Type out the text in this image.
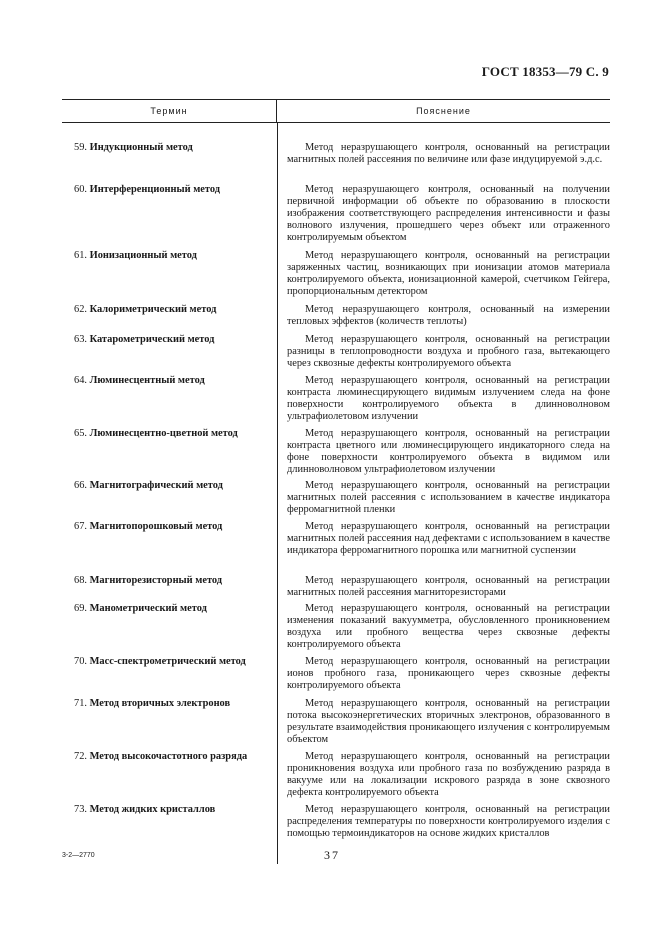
ГОСТ 18353—79 С. 9
Термин	Пояснение
59. Индукционный метод	Метод неразрушающего контроля, основанный на регистрации магнитных полей рассеяния по величине или фазе индуцируемой э.д.с.
60. Интерференционный метод	Метод неразрушающего контроля, основанный на получении первичной информации об объекте по образованию в плоскости изображения соответствующего распределения интенсивности и фазы волнового излучения, прошедшего через объект или отраженного контролируемым объектом
61. Ионизационный метод	Метод неразрушающего контроля, основанный на регистрации заряженных частиц, возникающих при ионизации атомов материала контролируемого объекта, ионизационной камерой, счетчиком Гейгера, пропорциональным детектором
62. Калориметрический метод	Метод неразрушающего контроля, основанный на измерении тепловых эффектов (количеств теплоты)
63. Катарометрический метод	Метод неразрушающего контроля, основанный на регистрации разницы в теплопроводности воздуха и пробного газа, вытекающего через сквозные дефекты контролируемого объекта
64. Люминесцентный метод	Метод неразрушающего контроля, основанный на регистрации контраста люминесцирующего видимым излучением следа на фоне поверхности контролируемого объекта в длинноволновом ультрафиолетовом излучении
65. Люминесцентно-цветной метод	Метод неразрушающего контроля, основанный на регистрации контраста цветного или люминесцирующего индикаторного следа на фоне поверхности контролируемого объекта в видимом или длинноволновом ультрафиолетовом излучении
66. Магнитографический метод	Метод неразрушающего контроля, основанный на регистрации магнитных полей рассеяния с использованием в качестве индикатора ферромагнитной пленки
67. Магнитопорошковый метод	Метод неразрушающего контроля, основанный на регистрации магнитных полей рассеяния над дефектами с использованием в качестве индикатора ферромагнитного порошка или магнитной суспензии
68. Магниторезисторный метод	Метод неразрушающего контроля, основанный на регистрации магнитных полей рассеяния магниторезисторами
69. Манометрический метод	Метод неразрушающего контроля, основанный на регистрации изменения показаний вакуумметра, обусловленного проникновением воздуха или пробного вещества через сквозные дефекты контролируемого объекта
70. Масс-спектрометрический метод	Метод неразрушающего контроля, основанный на регистрации ионов пробного газа, проникающего через сквозные дефекты контролируемого объекта
71. Метод вторичных электронов	Метод неразрушающего контроля, основанный на регистрации потока высокоэнергетических вторичных электронов, образованного в результате взаимодействия проникающего излучения с контролируемым объектом
72. Метод высокочастотного разряда	Метод неразрушающего контроля, основанный на регистрации проникновения воздуха или пробного газа по возбуждению разряда в вакууме или на локализации искрового разряда в зоне сквозного дефекта контролируемого объекта
73. Метод жидких кристаллов	Метод неразрушающего контроля, основанный на регистрации распределения температуры по поверхности контролируемого изделия с помощью термоиндикаторов на основе жидких кристаллов
3-2—2770	37
